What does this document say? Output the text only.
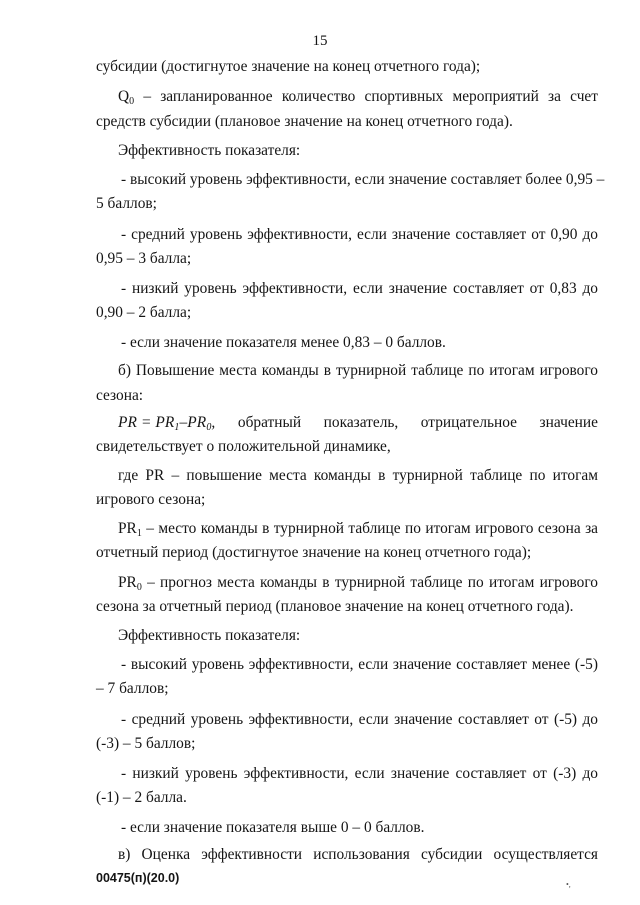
15
субсидии (достигнутое значение на конец отчетного года);
$Q_0$ – запланированное количество спортивных мероприятий за счет
средств субсидии (плановое значение на конец отчетного года).
Эффективность показателя:
- высокий уровень эффективности, если значение составляет более 0,95 –
5 баллов;
- средний уровень эффективности, если значение составляет от 0,90 до
0,95 – 3 балла;
- низкий уровень эффективности, если значение составляет от 0,83 до
0,90 – 2 балла;
- если значение показателя менее 0,83 – 0 баллов.
б) Повышение места команды в турнирной таблице по итогам игрового
сезона:
PR = $PR_1-PR_0$, обратный показатель, отрицательное значение
свидетельствует о положительной динамике,
где PR – повышение места команды в турнирной таблице по итогам
игрового сезона;
$PR_1$ – место команды в турнирной таблице по итогам игрового сезона за
отчетный период (достигнутое значение на конец отчетного года);
$PR_0$ – прогноз места команды в турнирной таблице по итогам игрового
сезона за отчетный период (плановое значение на конец отчетного года).
Эффективность показателя:
- высокий уровень эффективности, если значение составляет менее (-5)
– 7 баллов;
- средний уровень эффективности, если значение составляет от (-5) до
(-3) – 5 баллов;
- низкий уровень эффективности, если значение составляет от (-3) до
(-1) – 2 балла.
- если значение показателя выше 0 – 0 баллов.
в) Оценка эффективности использования субсидии осуществляется
00475(п)(20.0)	•,
